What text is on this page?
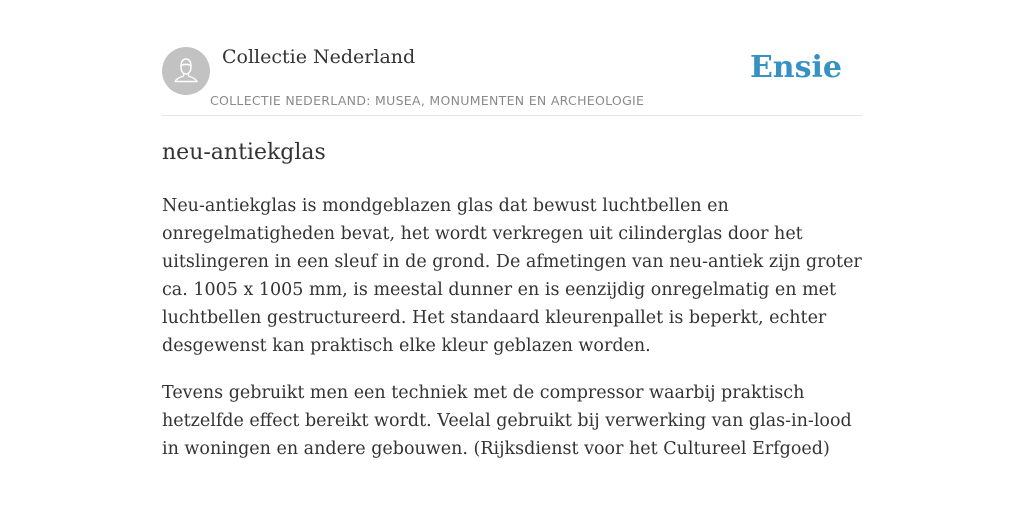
Collectie Nederland
COLLECTIE NEDERLAND: MUSEA, MONUMENTEN EN ARCHEOLOGIE
Ensie
neu-antiekglas

Neu-antiekglas is mondgeblazen glas dat bewust luchtbellen en onregelmatigheden bevat, het wordt verkregen uit cilinderglas door het uitslingeren in een sleuf in de grond. De afmetingen van neu-antiek zijn groter ca. 1005 x 1005 mm, is meestal dunner en is eenzijdig onregelmatig en met luchtbellen gestructureerd. Het standaard kleurenpallet is beperkt, echter desgewenst kan praktisch elke kleur geblazen worden.

Tevens gebruikt men een techniek met de compressor waarbij praktisch hetzelfde effect bereikt wordt. Veelal gebruikt bij verwerking van glas-in-lood in woningen en andere gebouwen. (Rijksdienst voor het Cultureel Erfgoed)
